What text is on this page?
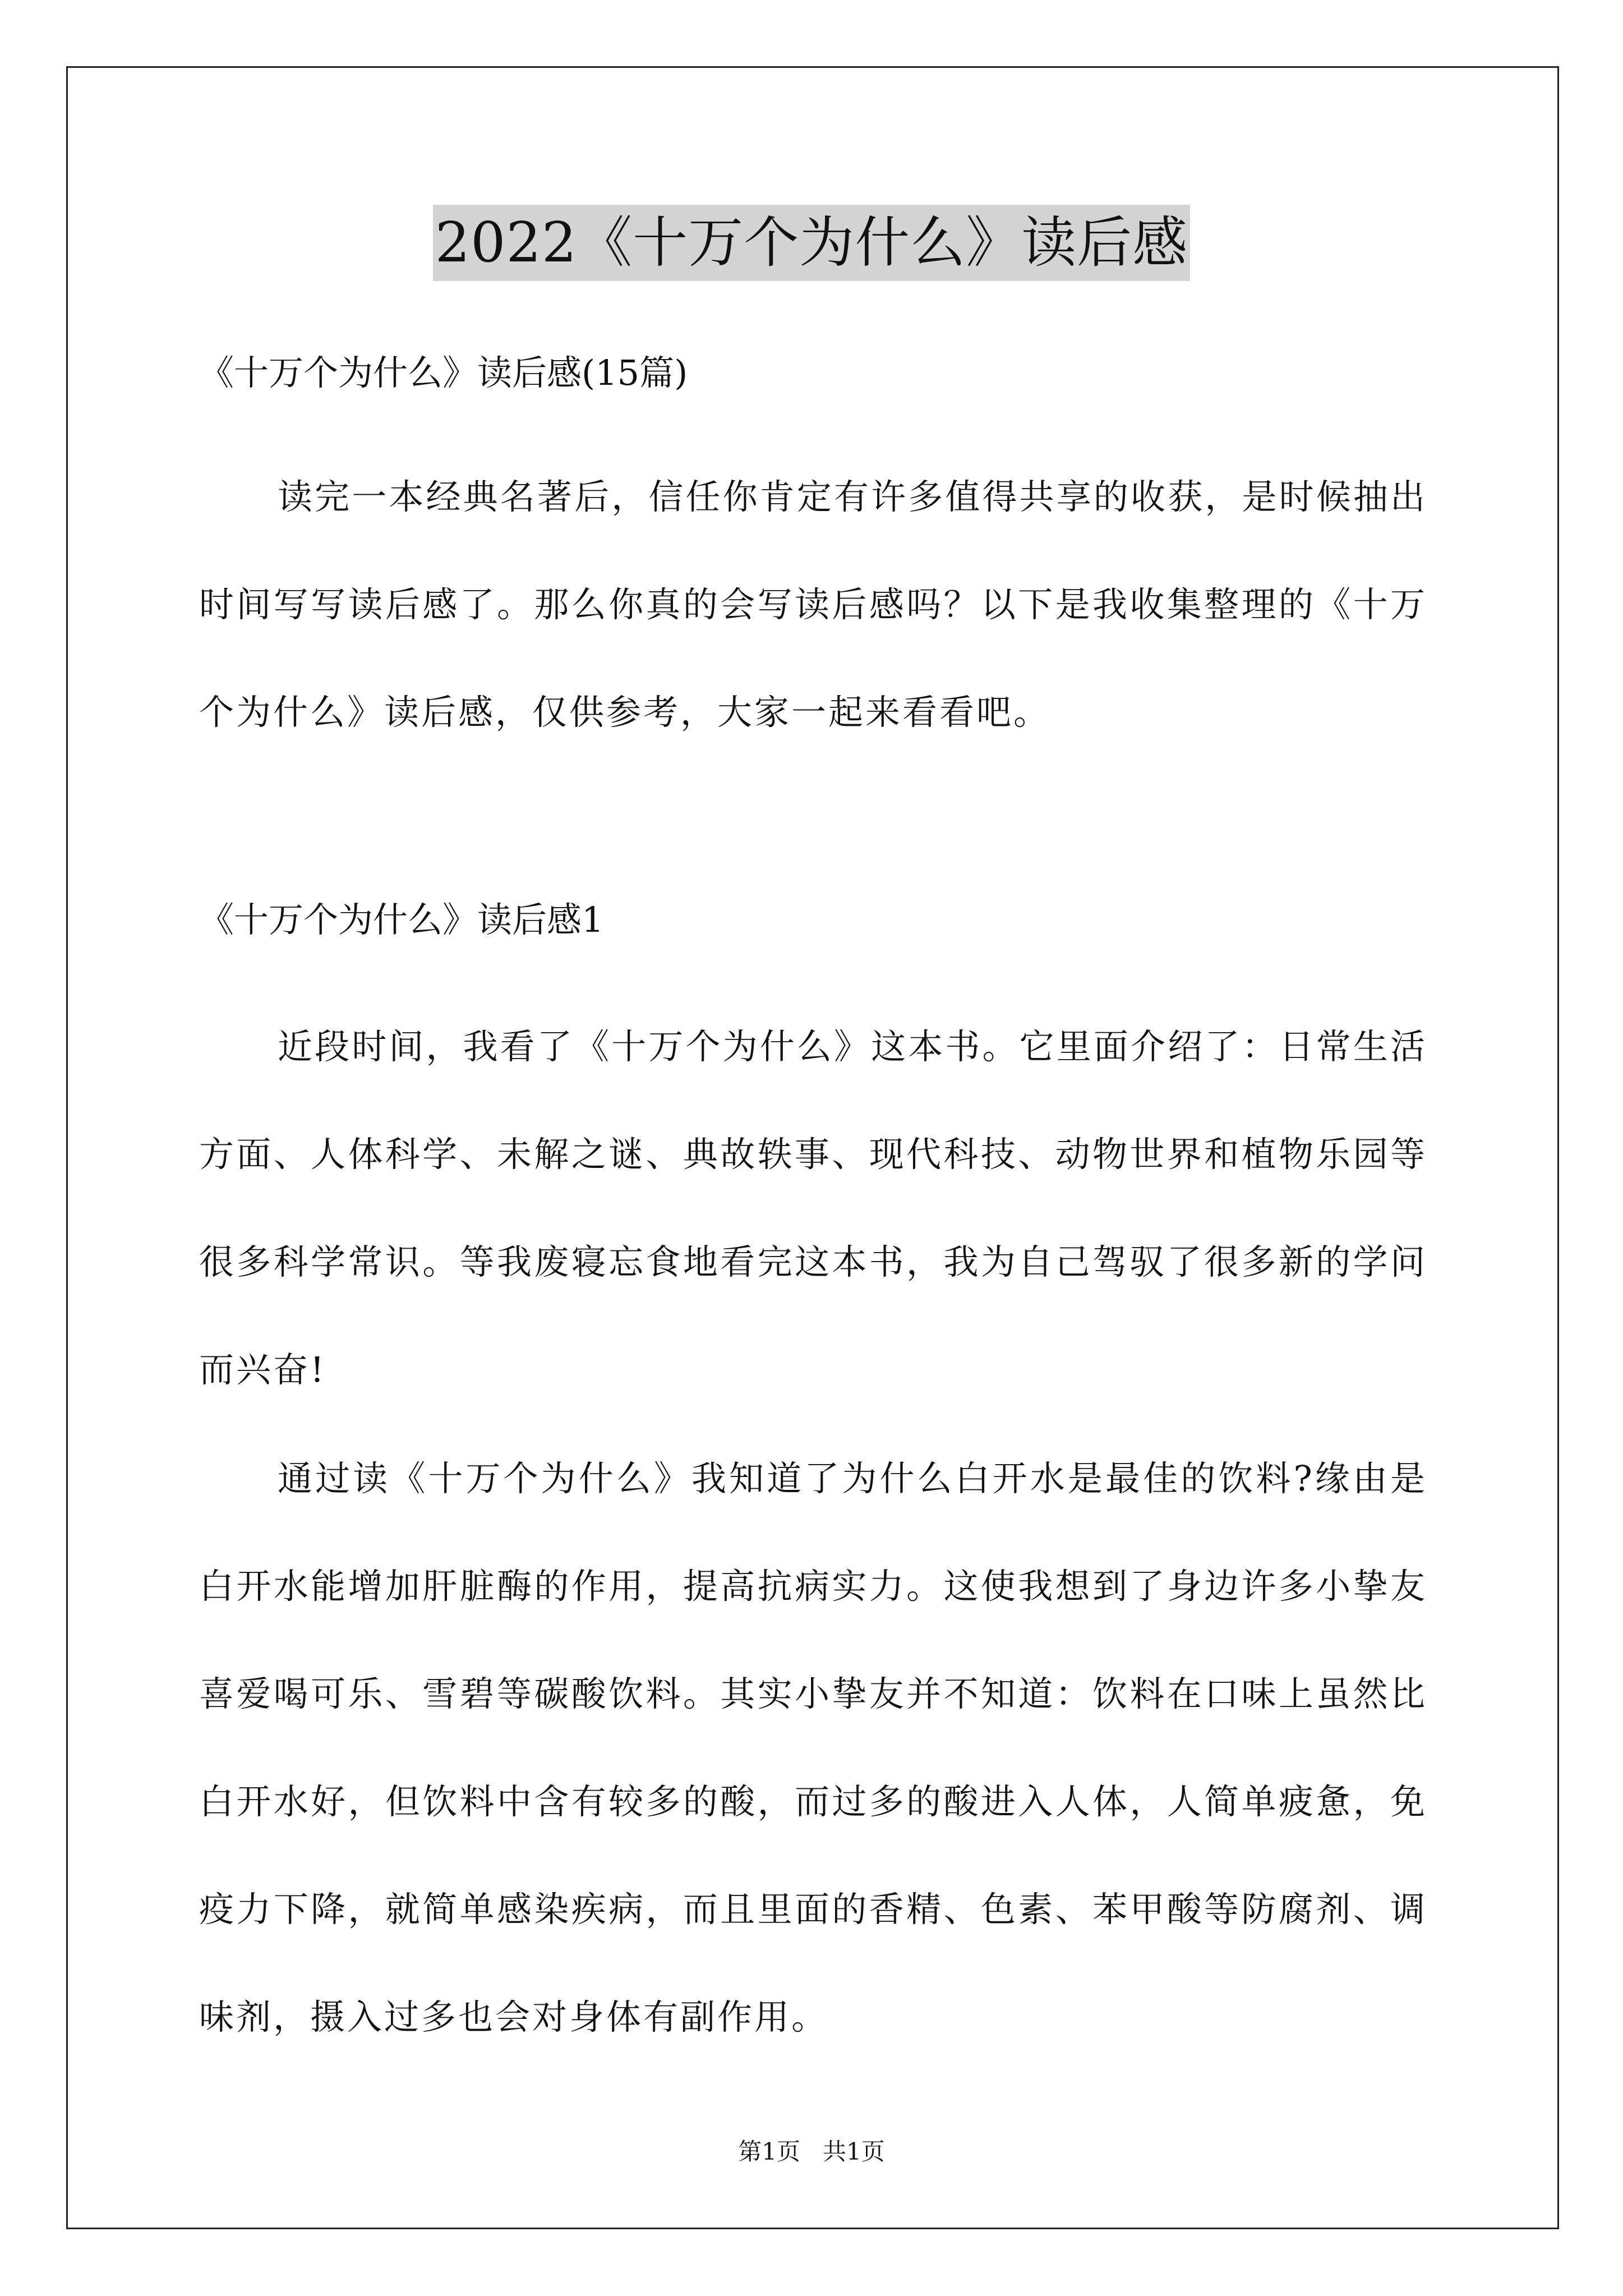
2022《十万个为什么》读后感
《十万个为什么》读后感(15篇)
读完一本经典名著后，信任你肯定有许多值得共享的收获，是时候抽出时间写写读后感了。那么你真的会写读后感吗？以下是我收集整理的《十万个为什么》读后感，仅供参考，大家一起来看看吧。
《十万个为什么》读后感1
近段时间，我看了《十万个为什么》这本书。它里面介绍了：日常生活方面、人体科学、未解之谜、典故轶事、现代科技、动物世界和植物乐园等很多科学常识。等我废寝忘食地看完这本书，我为自己驾驭了很多新的学问而兴奋!
通过读《十万个为什么》我知道了为什么白开水是最佳的饮料?缘由是白开水能增加肝脏酶的作用，提高抗病实力。这使我想到了身边许多小挚友喜爱喝可乐、雪碧等碳酸饮料。其实小挚友并不知道：饮料在口味上虽然比白开水好，但饮料中含有较多的酸，而过多的酸进入人体，人简单疲惫，免疫力下降，就简单感染疾病，而且里面的香精、色素、苯甲酸等防腐剂、调味剂，摄入过多也会对身体有副作用。
第1页   共1页
